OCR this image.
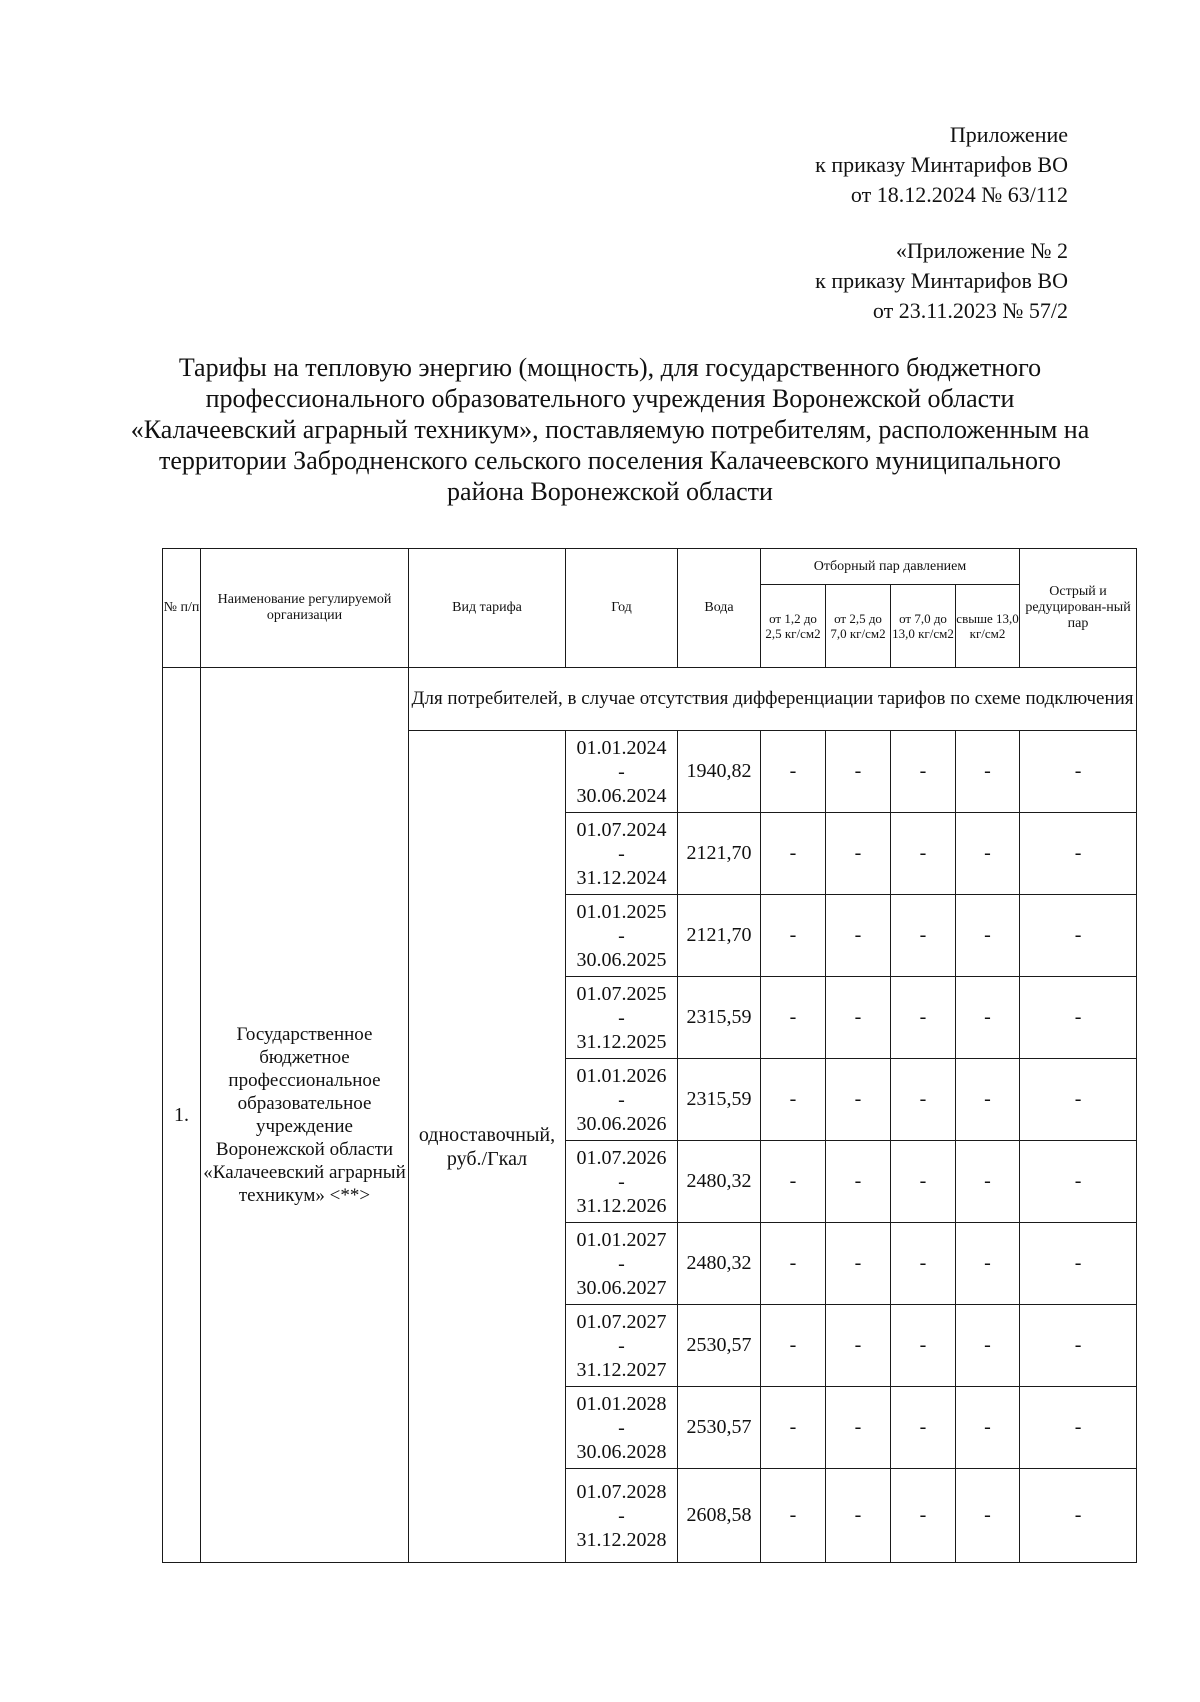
Приложение
к приказу Минтарифов ВО
от 18.12.2024 № 63/112
«Приложение № 2
к приказу Минтарифов ВО
от 23.11.2023 № 57/2
Тарифы на тепловую энергию (мощность), для государственного бюджетного профессионального образовательного учреждения Воронежской области «Калачеевский аграрный техникум», поставляемую потребителям, расположенным на территории Забродненского сельского поселения Калачеевского муниципального района Воронежской области
№ п/п	Наименование регулируемой организации	Вид тарифа	Год	Вода	Отборный пар давлением				Острый и редуцирован-ный пар
					от 1,2 до 2,5 кг/см2	от 2,5 до 7,0 кг/см2	от 7,0 до 13,0 кг/см2	свыше 13,0 кг/см2	
1.	Государственное бюджетное профессиональное образовательное учреждение Воронежской области «Калачеевский аграрный техникум» <**>	Для потребителей, в случае отсутствия дифференциации тарифов по схеме подключения							
		одноставочный, руб./Гкал	01.01.2024
-
30.06.2024	1940,82	-	-	-	-	-

			01.07.2024
-
31.12.2024	2121,70	-	-	-	-	-

			01.01.2025
-
30.06.2025	2121,70	-	-	-	-	-

			01.07.2025
-
31.12.2025	2315,59	-	-	-	-	-

			01.01.2026
-
30.06.2026	2315,59	-	-	-	-	-

			01.07.2026
-
31.12.2026	2480,32	-	-	-	-	-

			01.01.2027
-
30.06.2027	2480,32	-	-	-	-	-

			01.07.2027
-
31.12.2027	2530,57	-	-	-	-	-

			01.01.2028
-
30.06.2028	2530,57	-	-	-	-	-

			01.07.2028
-
31.12.2028	2608,58	-	-	-	-	-
